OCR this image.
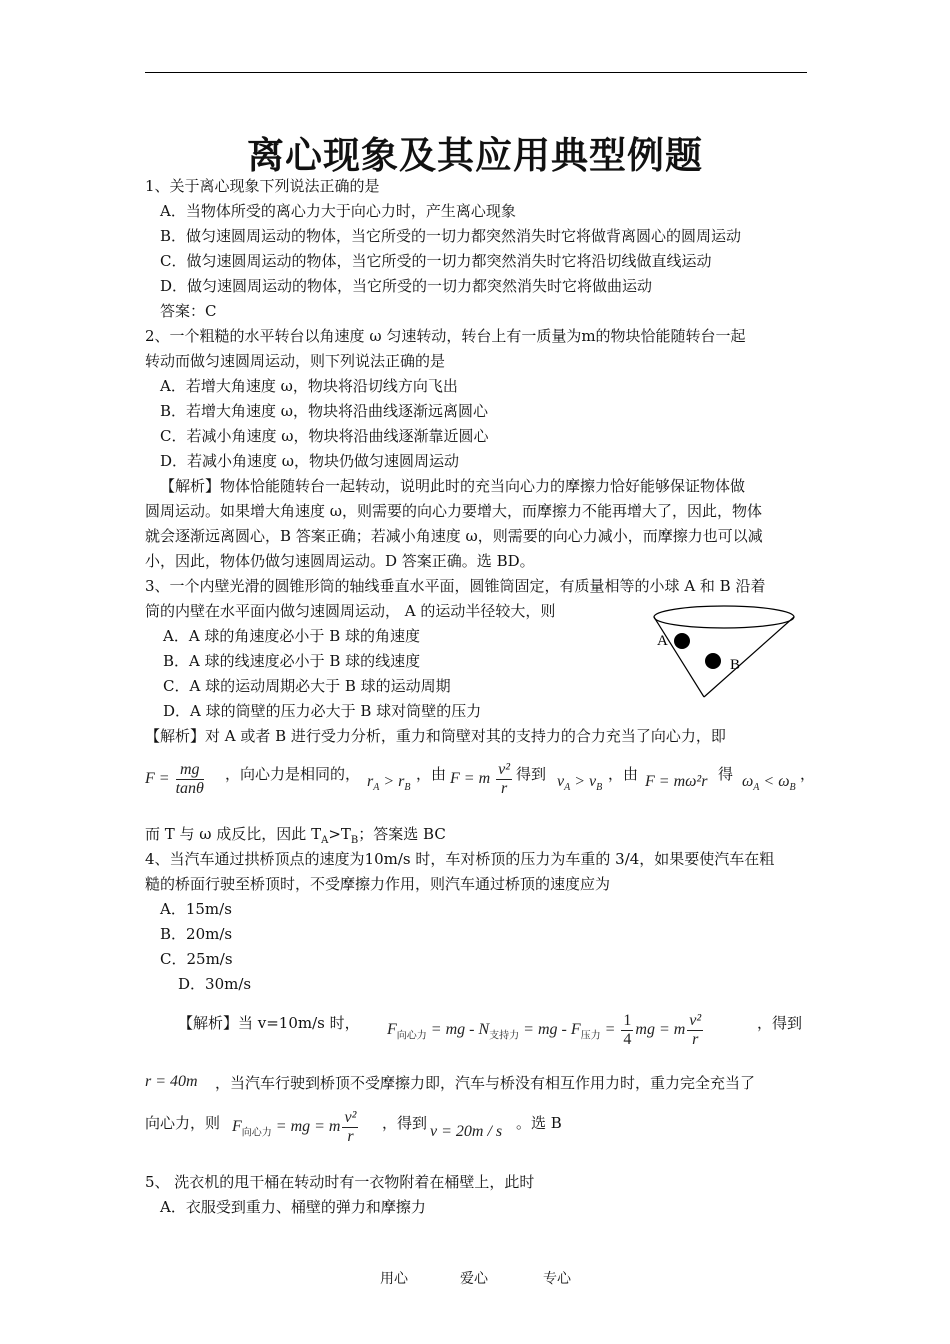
离心现象及其应用典型例题
1、关于离心现象下列说法正确的是
A．当物体所受的离心力大于向心力时，产生离心现象
B．做匀速圆周运动的物体，当它所受的一切力都突然消失时它将做背离圆心的圆周运动
C．做匀速圆周运动的物体，当它所受的一切力都突然消失时它将沿切线做直线运动
D．做匀速圆周运动的物体，当它所受的一切力都突然消失时它将做曲运动
答案：C
2、一个粗糙的水平转台以角速度 ω 匀速转动，转台上有一质量为m的物块恰能随转台一起
转动而做匀速圆周运动，则下列说法正确的是
A．若增大角速度 ω，物块将沿切线方向飞出
B．若增大角速度 ω，物块将沿曲线逐渐远离圆心
C．若减小角速度 ω，物块将沿曲线逐渐靠近圆心
D．若减小角速度 ω，物块仍做匀速圆周运动
【解析】物体恰能随转台一起转动，说明此时的充当向心力的摩擦力恰好能够保证物体做
圆周运动。如果增大角速度 ω，则需要的向心力要增大，而摩擦力不能再增大了，因此，物体
就会逐渐远离圆心，B 答案正确；若减小角速度 ω，则需要的向心力减小，而摩擦力也可以减
小，因此，物体仍做匀速圆周运动。D 答案正确。选 BD。
3、一个内壁光滑的圆锥形筒的轴线垂直水平面，圆锥筒固定，有质量相等的小球 A 和 B 沿着
筒的内壁在水平面内做匀速圆周运动， A 的运动半径较大，则
A．A 球的角速度必小于 B 球的角速度
B．A 球的线速度必小于 B 球的线速度
C．A 球的运动周期必大于 B 球的运动周期
D．A 球的筒壁的压力必大于 B 球对筒壁的压力
A
B
【解析】对 A 或者 B 进行受力分析，重力和筒壁对其的支持力的合力充当了向心力，即
$F = \frac{mg}{\tan\theta}$ ，向心力是相同的， $r_A > r_B$
，由 F = m $\frac{\text{v²}}{r}$ 得到 $v_A > v_B$
，由 F = mω²r 得 $\omega_A < \omega_B$
，
而 T 与 ω 成反比，因此 $T_A>T_B$；答案选 BC
4、当汽车通过拱桥顶点的速度为10m/s 时，车对桥顶的压力为车重的 3/4，如果要使汽车在粗
糙的桥面行驶至桥顶时，不受摩擦力作用，则汽车通过桥顶的速度应为
A．15m/s
B．20m/s
C．25m/s
D．30m/s
【解析】当 v=10m/s 时， $F_{向心力}$ = mg - $N_{支持力}$ = mg - $F_{压力} = \frac{1}{4}$ mg = m $\frac{\text{v²}}{r}$	，得到
r = 40m ，当汽车行驶到桥顶不受摩擦力即，汽车与桥没有相互作用力时，重力完全充当了
向心力，则 $F_{向心力}$ = mg = m $\frac{\text{v²}}{r}$ ，得到 v = 20m / s 。选 B
5、 洗衣机的甩干桶在转动时有一衣物附着在桶壁上，此时
A．衣服受到重力、桶壁的弹力和摩擦力
用心	爱心	专心
